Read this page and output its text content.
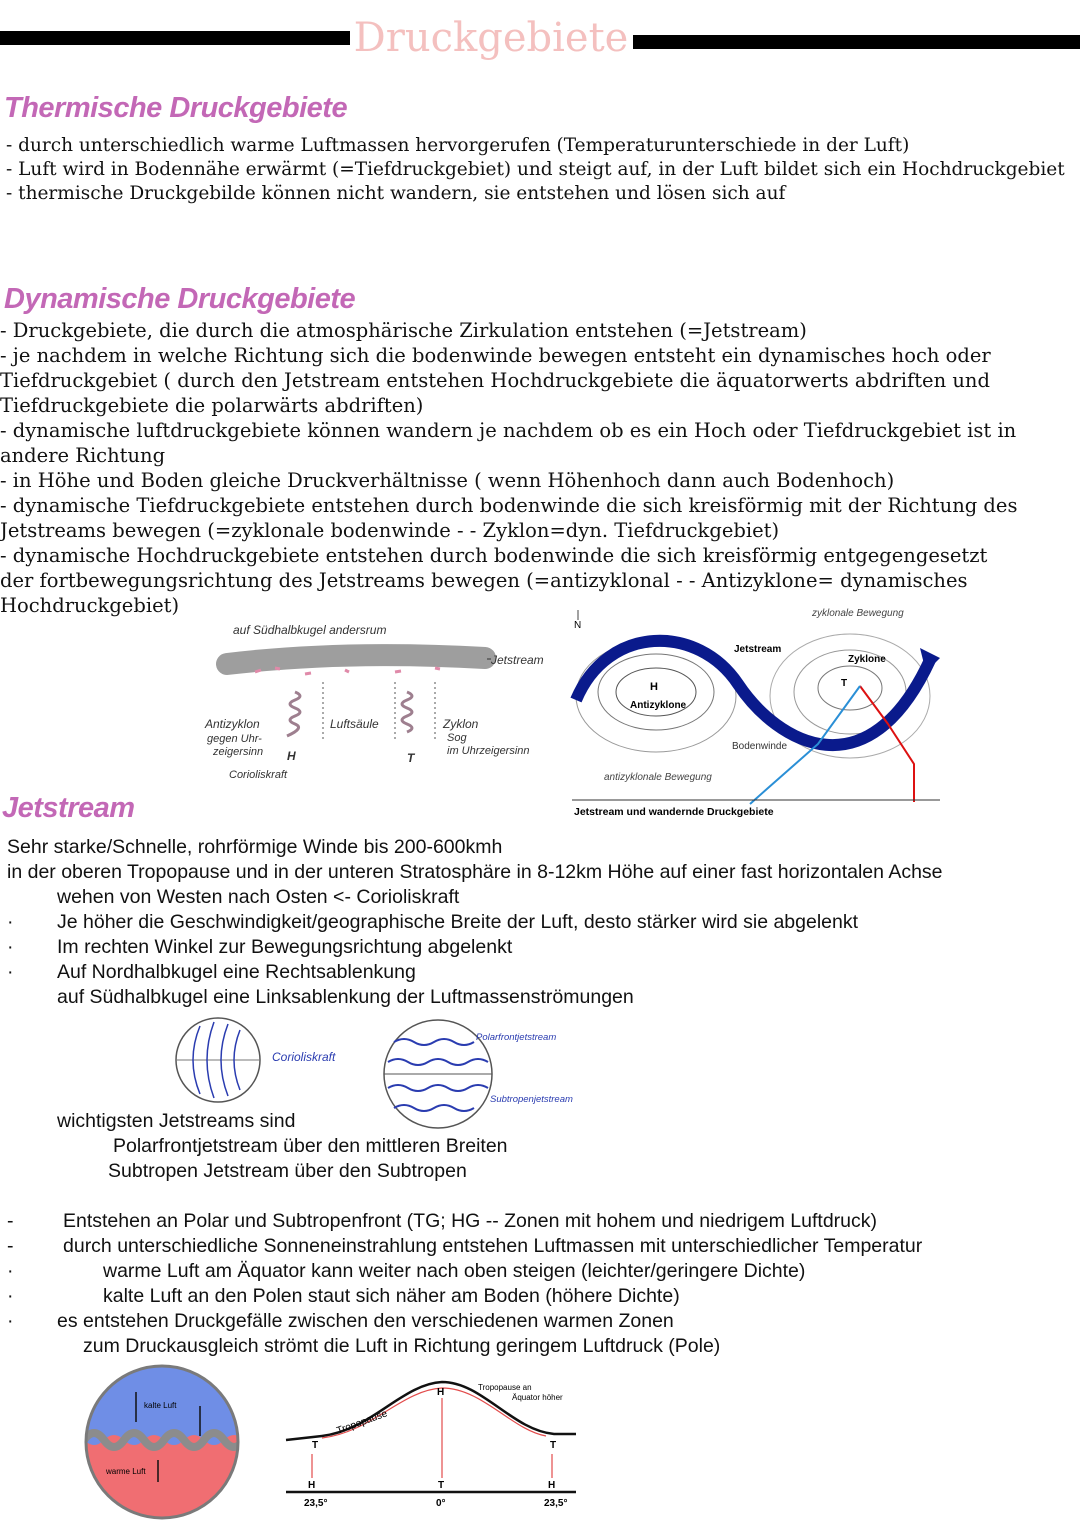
Druckgebiete
Thermische Druckgebiete
- durch unterschiedlich warme Luftmassen hervorgerufen (Temperaturunterschiede in der Luft)
- Luft wird in Bodennähe erwärmt (=Tiefdruckgebiet) und steigt auf, in der Luft bildet sich ein Hochdruckgebiet
- thermische Druckgebilde können nicht wandern, sie entstehen und lösen sich auf
Dynamische Druckgebiete
- Druckgebiete, die durch die atmosphärische Zirkulation entstehen (=Jetstream)
- je nachdem in welche Richtung sich die bodenwinde bewegen entsteht ein dynamisches hoch oder
Tiefdruckgebiet ( durch den Jetstream entstehen Hochdruckgebiete die äquatorwerts abdriften und
Tiefdruckgebiete die polarwärts abdriften)
- dynamische luftdruckgebiete können wandern je nachdem ob es ein Hoch oder Tiefdruckgebiet ist in
andere Richtung
- in Höhe und Boden gleiche Druckverhältnisse ( wenn Höhenhoch dann auch Bodenhoch)
- dynamische Tiefdruckgebiete entstehen durch bodenwinde die sich kreisförmig mit der Richtung des
Jetstreams bewegen (=zyklonale bodenwinde - - Zyklon=dyn. Tiefdruckgebiet)
- dynamische Hochdruckgebiete entstehen durch bodenwinde die sich kreisförmig entgegengesetzt
der fortbewegungsrichtung des Jetstreams bewegen (=antizyklonal - - Antizyklone= dynamisches
Hochdruckgebiet)
auf Südhalbkugel andersrum
Jetstream
Antizyklon
gegen Uhr-
zeigersinn H
Corioliskraft
Luftsäule
T
Zyklon
Sog
im Uhrzeigersinn
N
zyklonale Bewegung
Jetstream
Zyklone
H
Antizyklone
T
Bodenwinde
antizyklonale Bewegung
Jetstream und wandernde Druckgebiete
Jetstream
Sehr starke/Schnelle, rohrförmige Winde bis 200-600kmh
in der oberen Tropopause und in der unteren Stratosphäre in 8-12km Höhe auf einer fast horizontalen Achse
wehen von Westen nach Osten <- Corioliskraft
· Je höher die Geschwindigkeit/geographische Breite der Luft, desto stärker wird sie abgelenkt
· Im rechten Winkel zur Bewegungsrichtung abgelenkt
· Auf Nordhalbkugel eine Rechtsablenkung
auf Südhalbkugel eine Linksablenkung der Luftmassenströmungen
Corioliskraft
Polarfrontjetstream
Subtropenjetstream
wichtigsten Jetstreams sind
Polarfrontjetstream über den mittleren Breiten
Subtropen Jetstream über den Subtropen
-	Entstehen an Polar und Subtropenfront (TG; HG -- Zonen mit hohem und niedrigem Luftdruck)
-	durch unterschiedliche Sonneneinstrahlung entstehen Luftmassen mit unterschiedlicher Temperatur
·	warme Luft am Äquator kann weiter nach oben steigen (leichter/geringere Dichte)
·	kalte Luft an den Polen staut sich näher am Boden (höhere Dichte)
· es entstehen Druckgefälle zwischen den verschiedenen warmen Zonen
zum Druckausgleich strömt die Luft in Richtung geringem Luftdruck (Pole)
kalte Luft
warme Luft
Tropopause
Tropopause an
Äquator höher
H
T	T
H	T	H
23,5°	0°	23,5°
